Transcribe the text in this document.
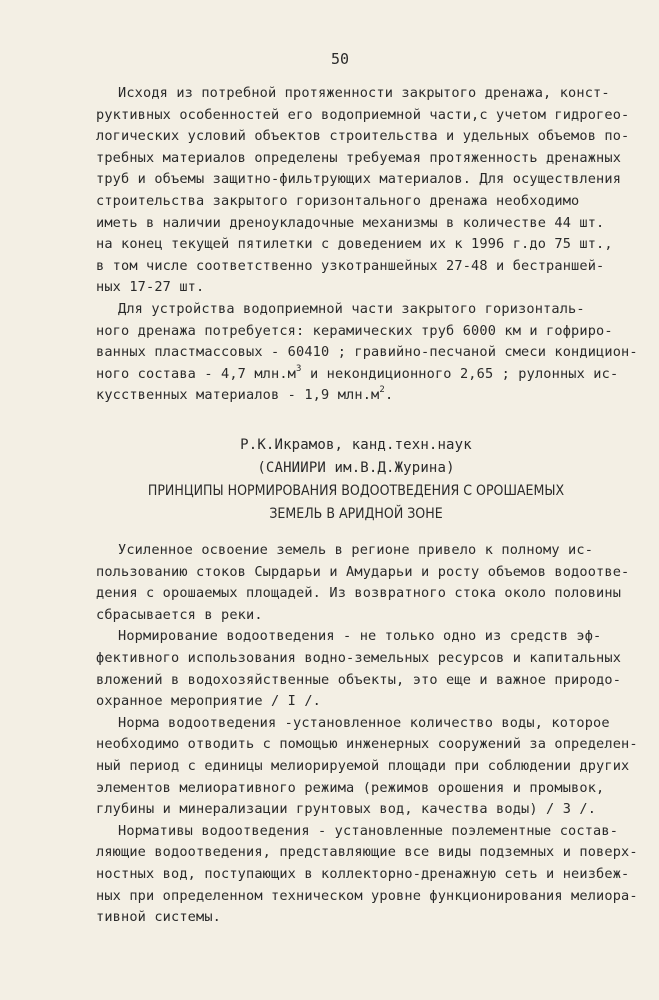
50
Исходя из потребной протяженности закрытого дренажа, конст-
руктивных особенностей его водоприемной части,с учетом гидрогео-
логических условий объектов строительства и удельных объемов по-
требных материалов определены требуемая протяженность дренажных
труб и объемы защитно-фильтрующих материалов. Для осуществления
строительства закрытого горизонтального дренажа необходимо
иметь в наличии дреноукладочные механизмы в количестве 44 шт.
на конец текущей пятилетки с доведением их к 1996 г.до 75 шт.,
в том числе соответственно узкотраншейных 27-48 и бестраншей-
ных 17-27 шт.
Для устройства водоприемной части закрытого горизонталь-
ного дренажа потребуется: керамических труб 6000 км и гофриро-
ванных пластмассовых - 60410 ; гравийно-песчаной смеси кондицион-
ного состава - 4,7 $млн.м^3$ и некондиционного 2,65 ; рулонных ис-
кусственных материалов - 1,9 $млн.м^2$.
Р.К.Икрамов, канд.техн.наук
(САНИИРИ им.В.Д.Журина)
ПРИНЦИПЫ НОРМИРОВАНИЯ ВОДООТВЕДЕНИЯ С ОРОШАЕМЫХ
ЗЕМЕЛЬ В АРИДНОЙ ЗОНЕ
Усиленное освоение земель в регионе привело к полному ис-
пользованию стоков Сырдарьи и Амударьи и росту объемов водоотве-
дения с орошаемых площадей. Из возвратного стока около половины
сбрасывается в реки.
Нормирование водоотведения - не только одно из средств эф-
фективного использования водно-земельных ресурсов и капитальных
вложений в водохозяйственные объекты, это еще и важное природо-
охранное мероприятие / I /.
Норма водоотведения -установленное количество воды, которое
необходимо отводить с помощью инженерных сооружений за определен-
ный период с единицы мелиорируемой площади при соблюдении других
элементов мелиоративного режима (режимов орошения и промывок,
глубины и минерализации грунтовых вод, качества воды) / 3 /.
Нормативы водоотведения - установленные поэлементные состав-
ляющие водоотведения, представляющие все виды подземных и поверх-
ностных вод, поступающих в коллекторно-дренажную сеть и неизбеж-
ных при определенном техническом уровне функционирования мелиора-
тивной системы.
